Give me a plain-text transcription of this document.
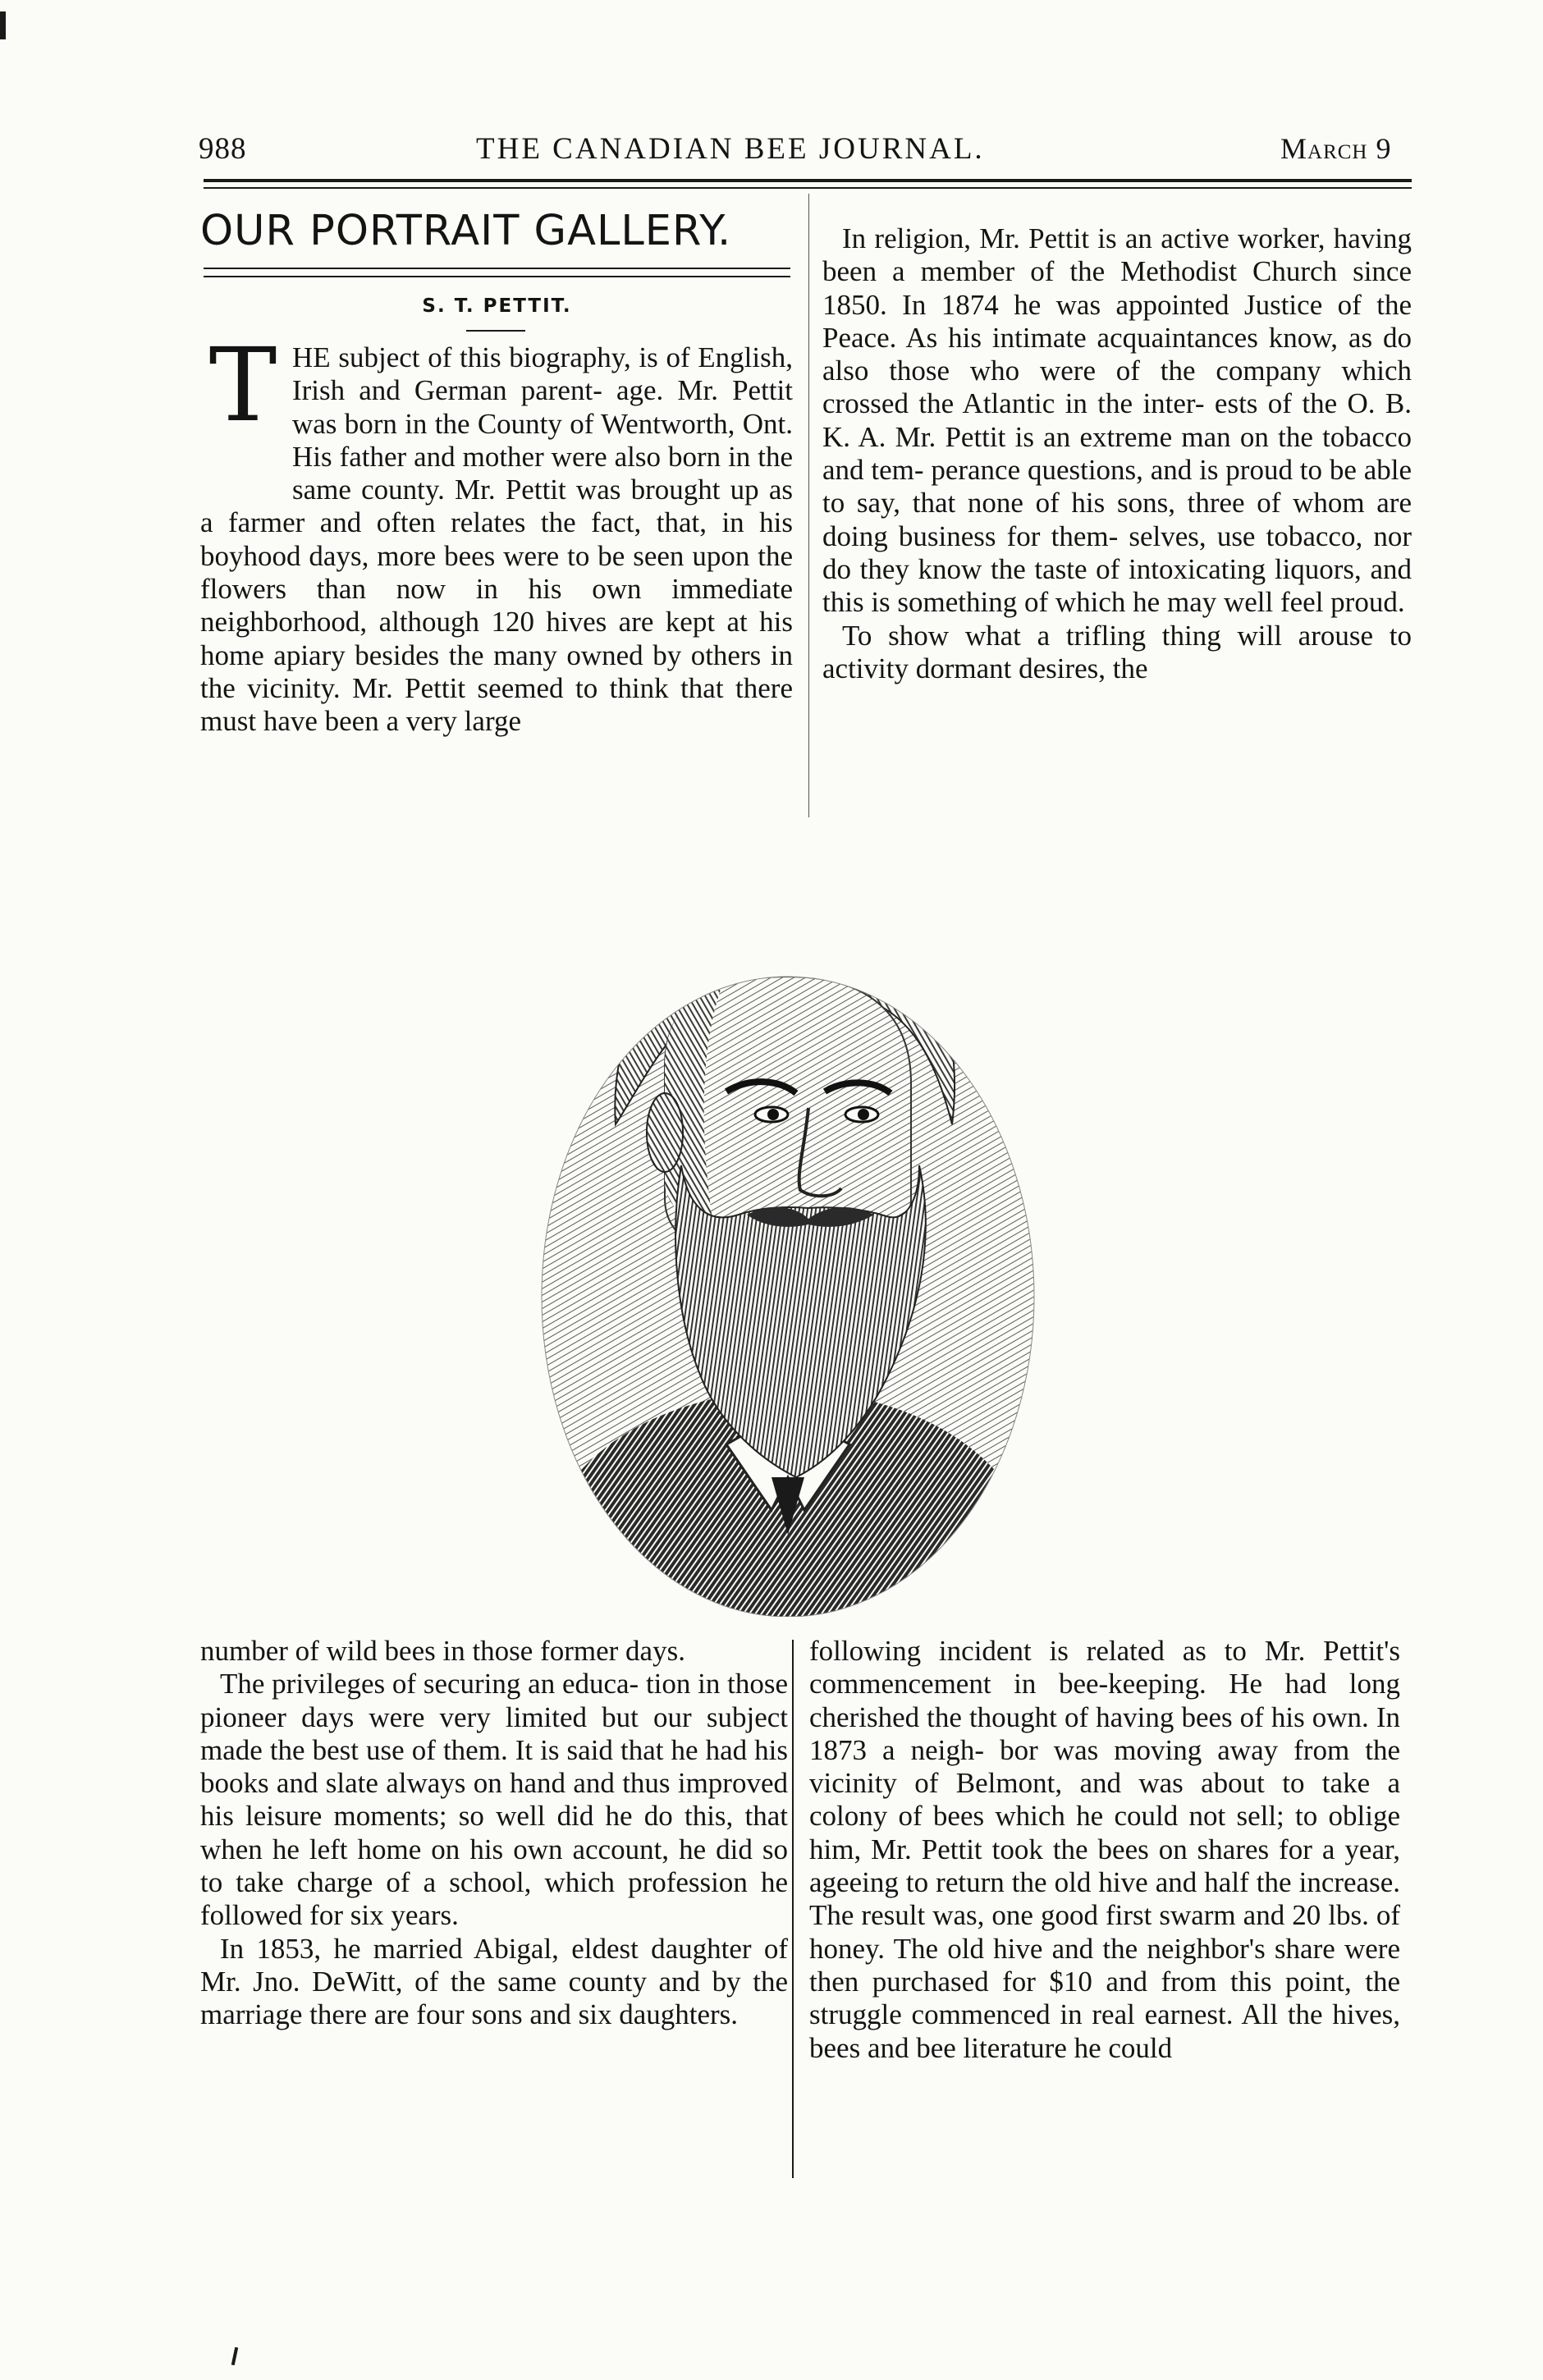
988	THE CANADIAN BEE JOURNAL.	March 9
OUR PORTRAIT GALLERY.
S. T. PETTIT.
T HE subject of this biography, is of English, Irish and German parent- age. Mr. Pettit was born in the County of Wentworth, Ont. His father and mother were also born in the same county. Mr. Pettit was brought up as a farmer and often relates the fact, that, in his boyhood days, more bees were to be seen upon the flowers than now in his own immediate neighborhood, although 120 hives are kept at his home apiary besides the many owned by others in the vicinity. Mr. Pettit seemed to think that there must have been a very large

In religion, Mr. Pettit is an active worker, having been a member of the Methodist Church since 1850. In 1874 he was appointed Justice of the Peace. As his intimate acquaintances know, as do also those who were of the company which crossed the Atlantic in the inter- ests of the O. B. K. A. Mr. Pettit is an extreme man on the tobacco and tem- perance questions, and is proud to be able to say, that none of his sons, three of whom are doing business for them- selves, use tobacco, nor do they know the taste of intoxicating liquors, and this is something of which he may well feel proud.

To show what a trifling thing will arouse to activity dormant desires, the

number of wild bees in those former days.

The privileges of securing an educa- tion in those pioneer days were very limited but our subject made the best use of them. It is said that he had his books and slate always on hand and thus improved his leisure moments; so well did he do this, that when he left home on his own account, he did so to take charge of a school, which profession he followed for six years.

In 1853, he married Abigal, eldest daughter of Mr. Jno. DeWitt, of the same county and by the marriage there are four sons and six daughters.

following incident is related as to Mr. Pettit's commencement in bee-keeping. He had long cherished the thought of having bees of his own. In 1873 a neigh- bor was moving away from the vicinity of Belmont, and was about to take a colony of bees which he could not sell; to oblige him, Mr. Pettit took the bees on shares for a year, ageeing to return the old hive and half the increase. The result was, one good first swarm and 20 lbs. of honey. The old hive and the neighbor's share were then purchased for $10 and from this point, the struggle commenced in real earnest. All the hives, bees and bee literature he could
